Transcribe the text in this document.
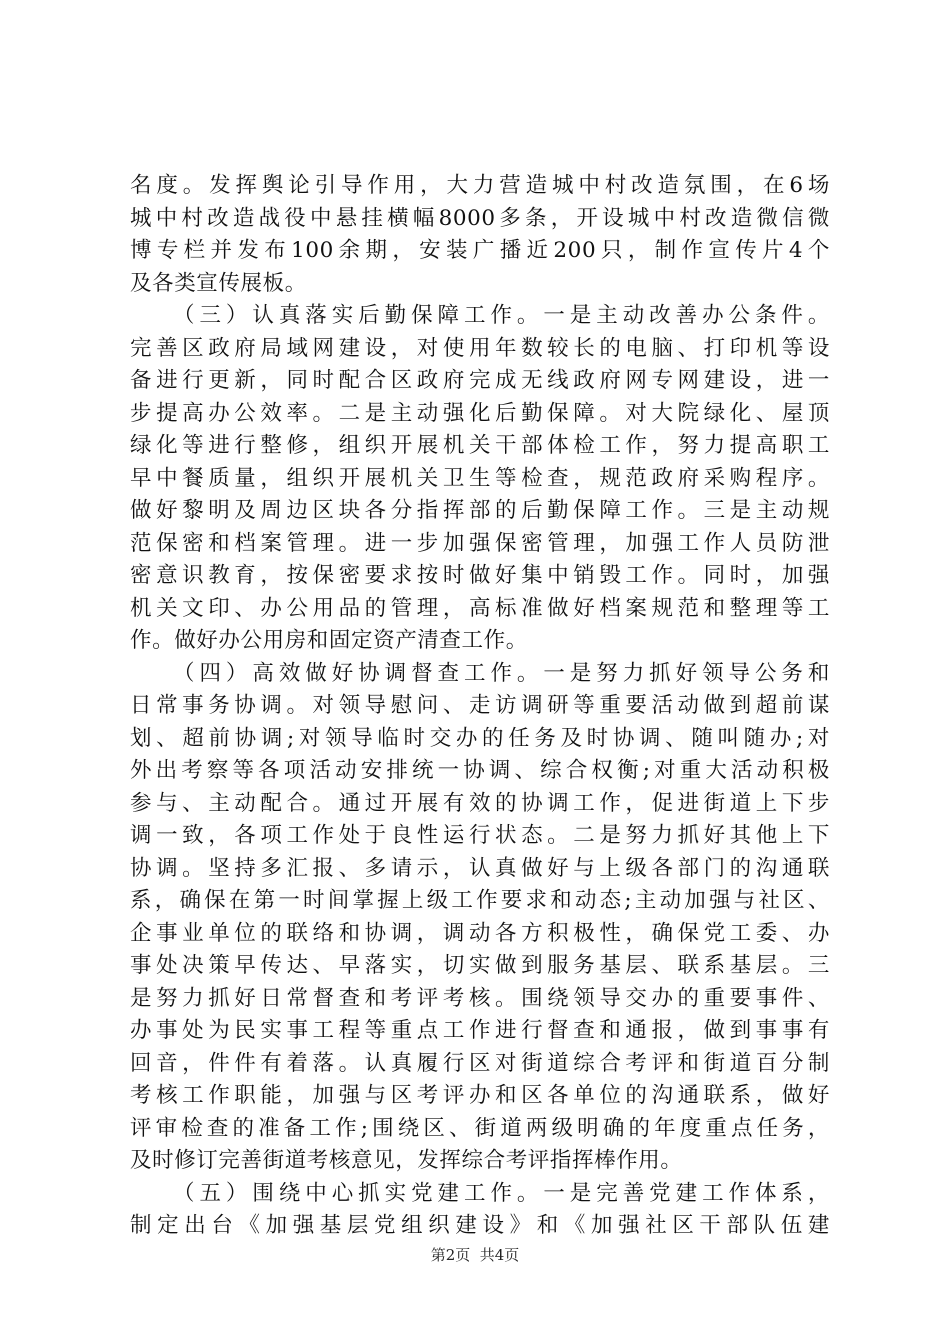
名度。发挥舆论引导作用，大力营造城中村改造氛围，在6场
城中村改造战役中悬挂横幅8000多条，开设城中村改造微信微
博专栏并发布100余期，安装广播近200只，制作宣传片4个
及各类宣传展板。
（三）认真落实后勤保障工作。一是主动改善办公条件。
完善区政府局域网建设，对使用年数较长的电脑、打印机等设
备进行更新，同时配合区政府完成无线政府网专网建设，进一
步提高办公效率。二是主动强化后勤保障。对大院绿化、屋顶
绿化等进行整修，组织开展机关干部体检工作，努力提高职工
早中餐质量，组织开展机关卫生等检查，规范政府采购程序。
做好黎明及周边区块各分指挥部的后勤保障工作。三是主动规
范保密和档案管理。进一步加强保密管理，加强工作人员防泄
密意识教育，按保密要求按时做好集中销毁工作。同时，加强
机关文印、办公用品的管理，高标准做好档案规范和整理等工
作。做好办公用房和固定资产清查工作。
（四）高效做好协调督查工作。一是努力抓好领导公务和
日常事务协调。对领导慰问、走访调研等重要活动做到超前谋
划、超前协调;对领导临时交办的任务及时协调、随叫随办;对
外出考察等各项活动安排统一协调、综合权衡;对重大活动积极
参与、主动配合。通过开展有效的协调工作，促进街道上下步
调一致，各项工作处于良性运行状态。二是努力抓好其他上下
协调。坚持多汇报、多请示，认真做好与上级各部门的沟通联
系，确保在第一时间掌握上级工作要求和动态;主动加强与社区、
企事业单位的联络和协调，调动各方积极性，确保党工委、办
事处决策早传达、早落实，切实做到服务基层、联系基层。三
是努力抓好日常督查和考评考核。围绕领导交办的重要事件、
办事处为民实事工程等重点工作进行督查和通报，做到事事有
回音，件件有着落。认真履行区对街道综合考评和街道百分制
考核工作职能，加强与区考评办和区各单位的沟通联系，做好
评审检查的准备工作;围绕区、街道两级明确的年度重点任务，
及时修订完善街道考核意见，发挥综合考评指挥棒作用。
（五）围绕中心抓实党建工作。一是完善党建工作体系，
制定出台《加强基层党组织建设》和《加强社区干部队伍建
第2页  共4页
